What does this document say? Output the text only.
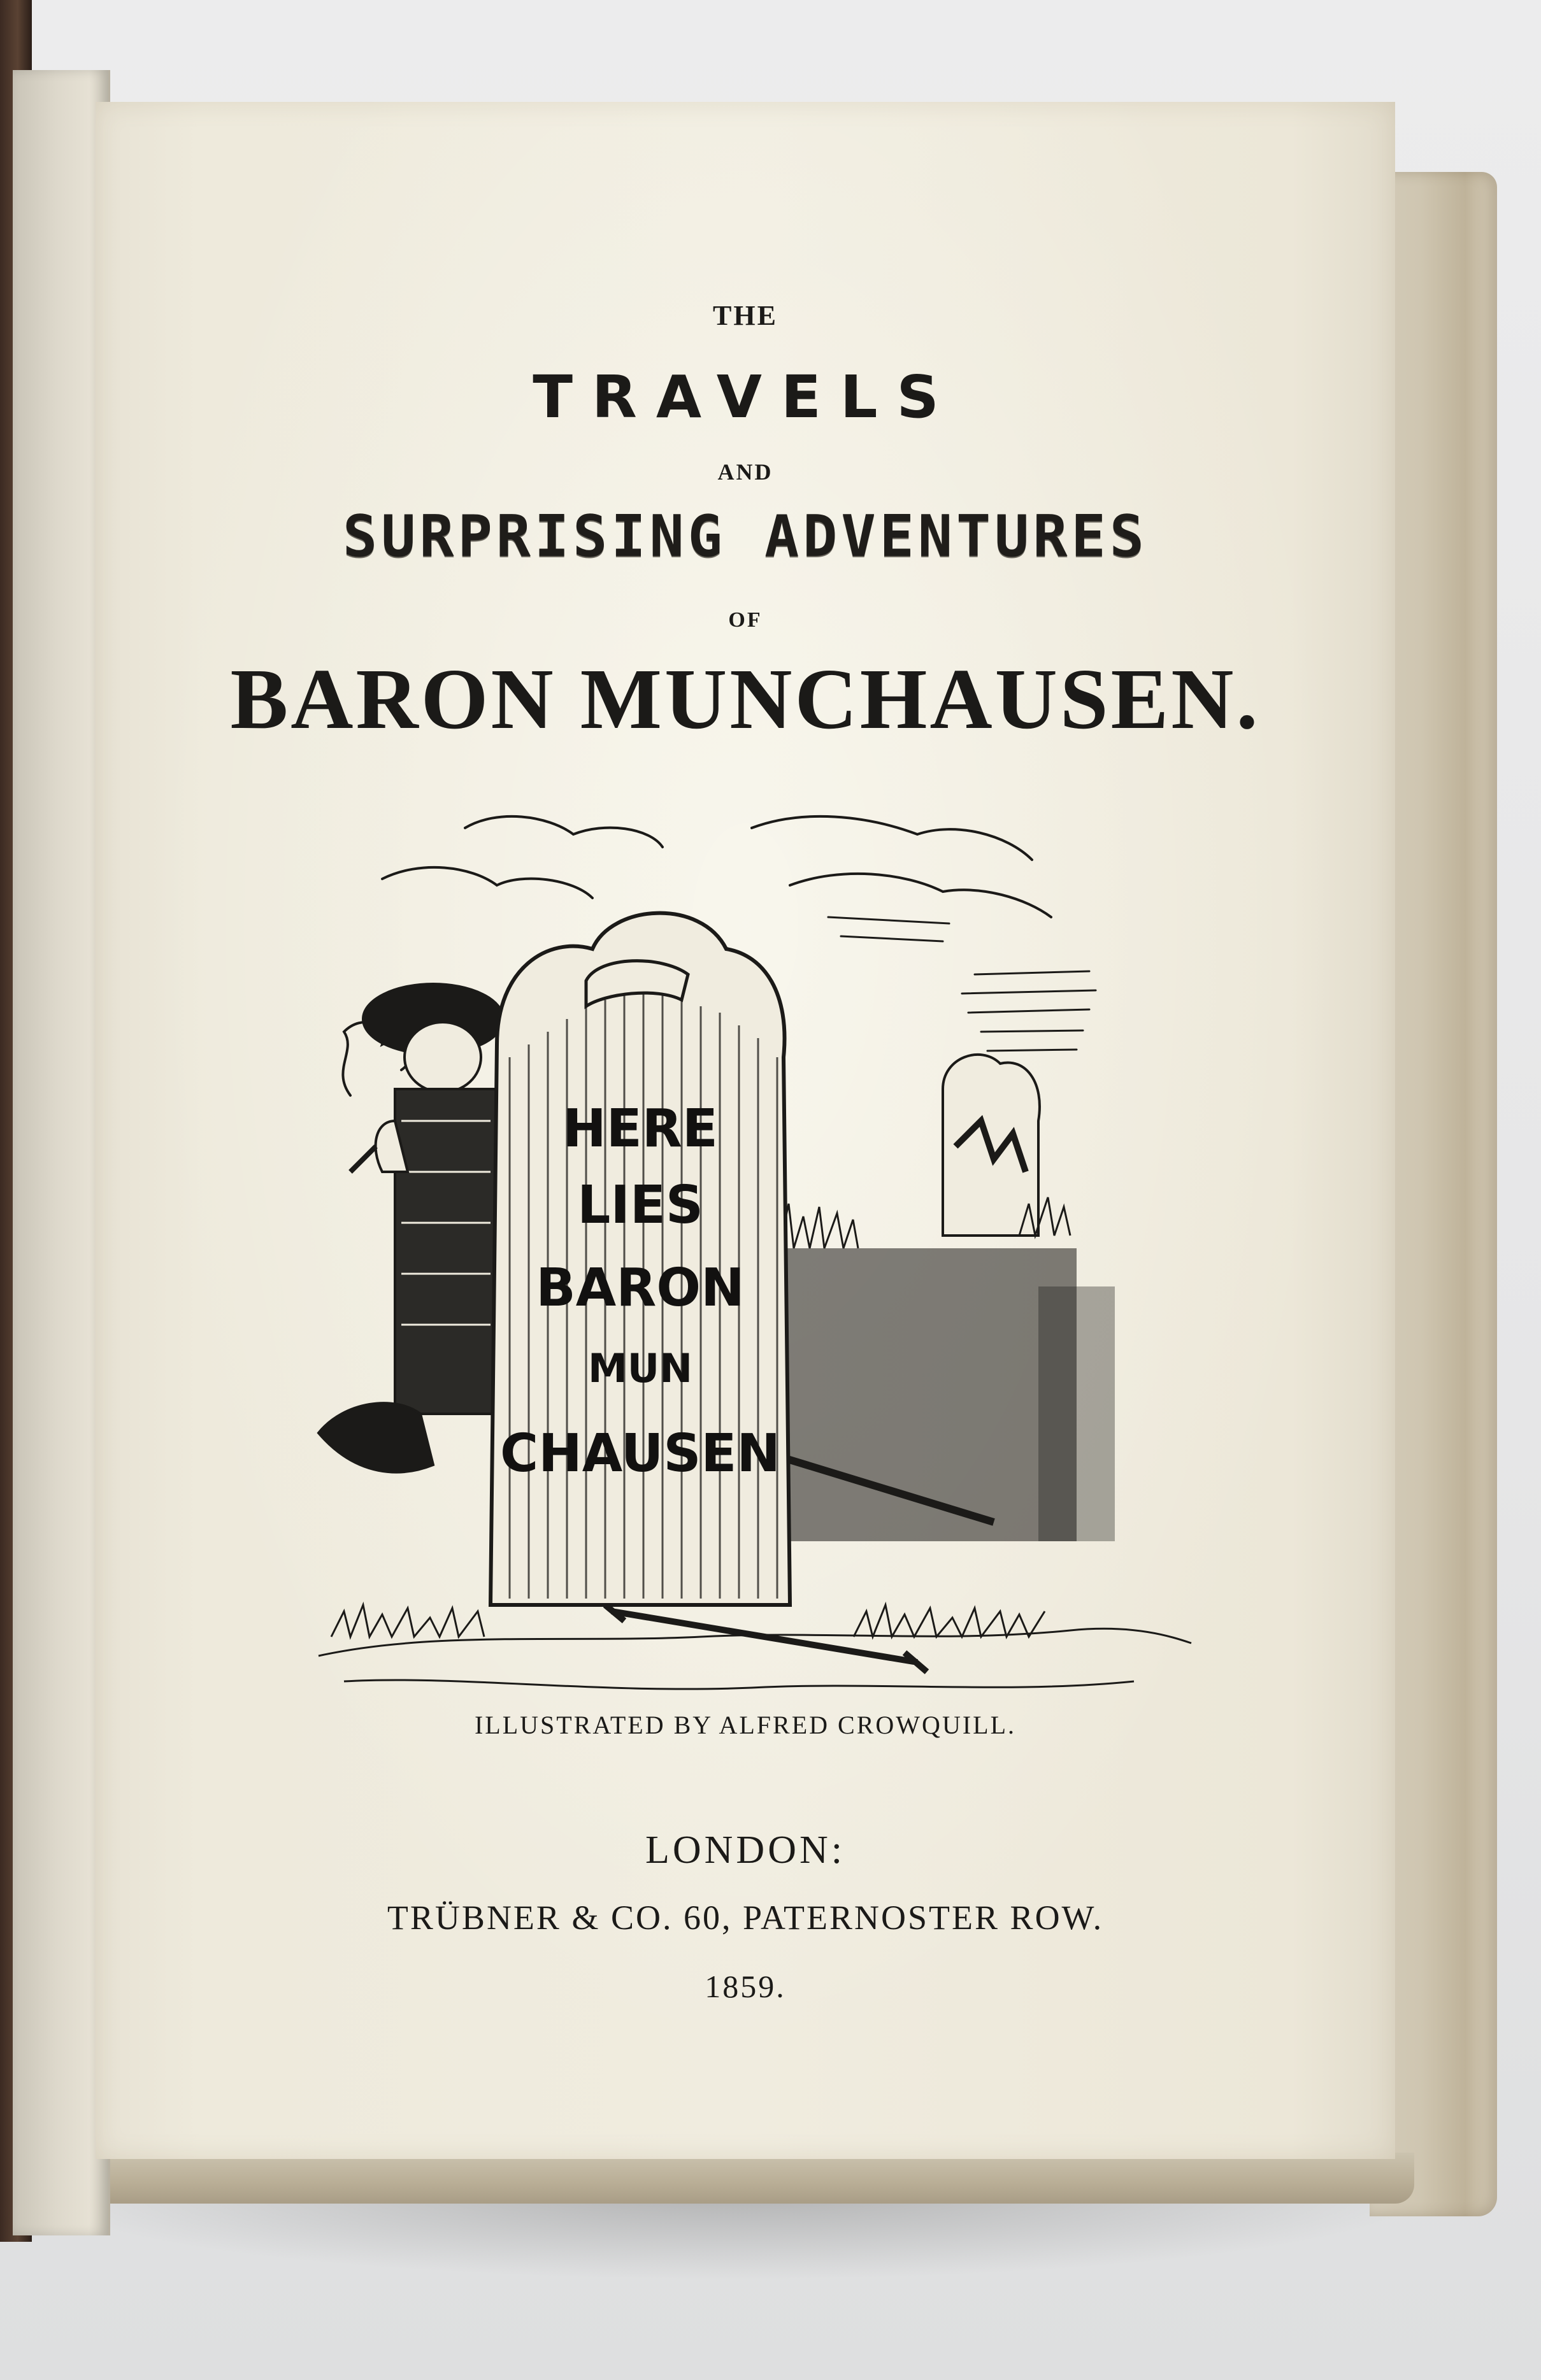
THE
TRAVELS
AND
SURPRISING ADVENTURES
OF
BARON MUNCHAUSEN.
HERE
LIES
BARON
MUN
CHAUSEN
ILLUSTRATED BY ALFRED CROWQUILL.
LONDON:
TRÜBNER & CO. 60, PATERNOSTER ROW.
1859.
